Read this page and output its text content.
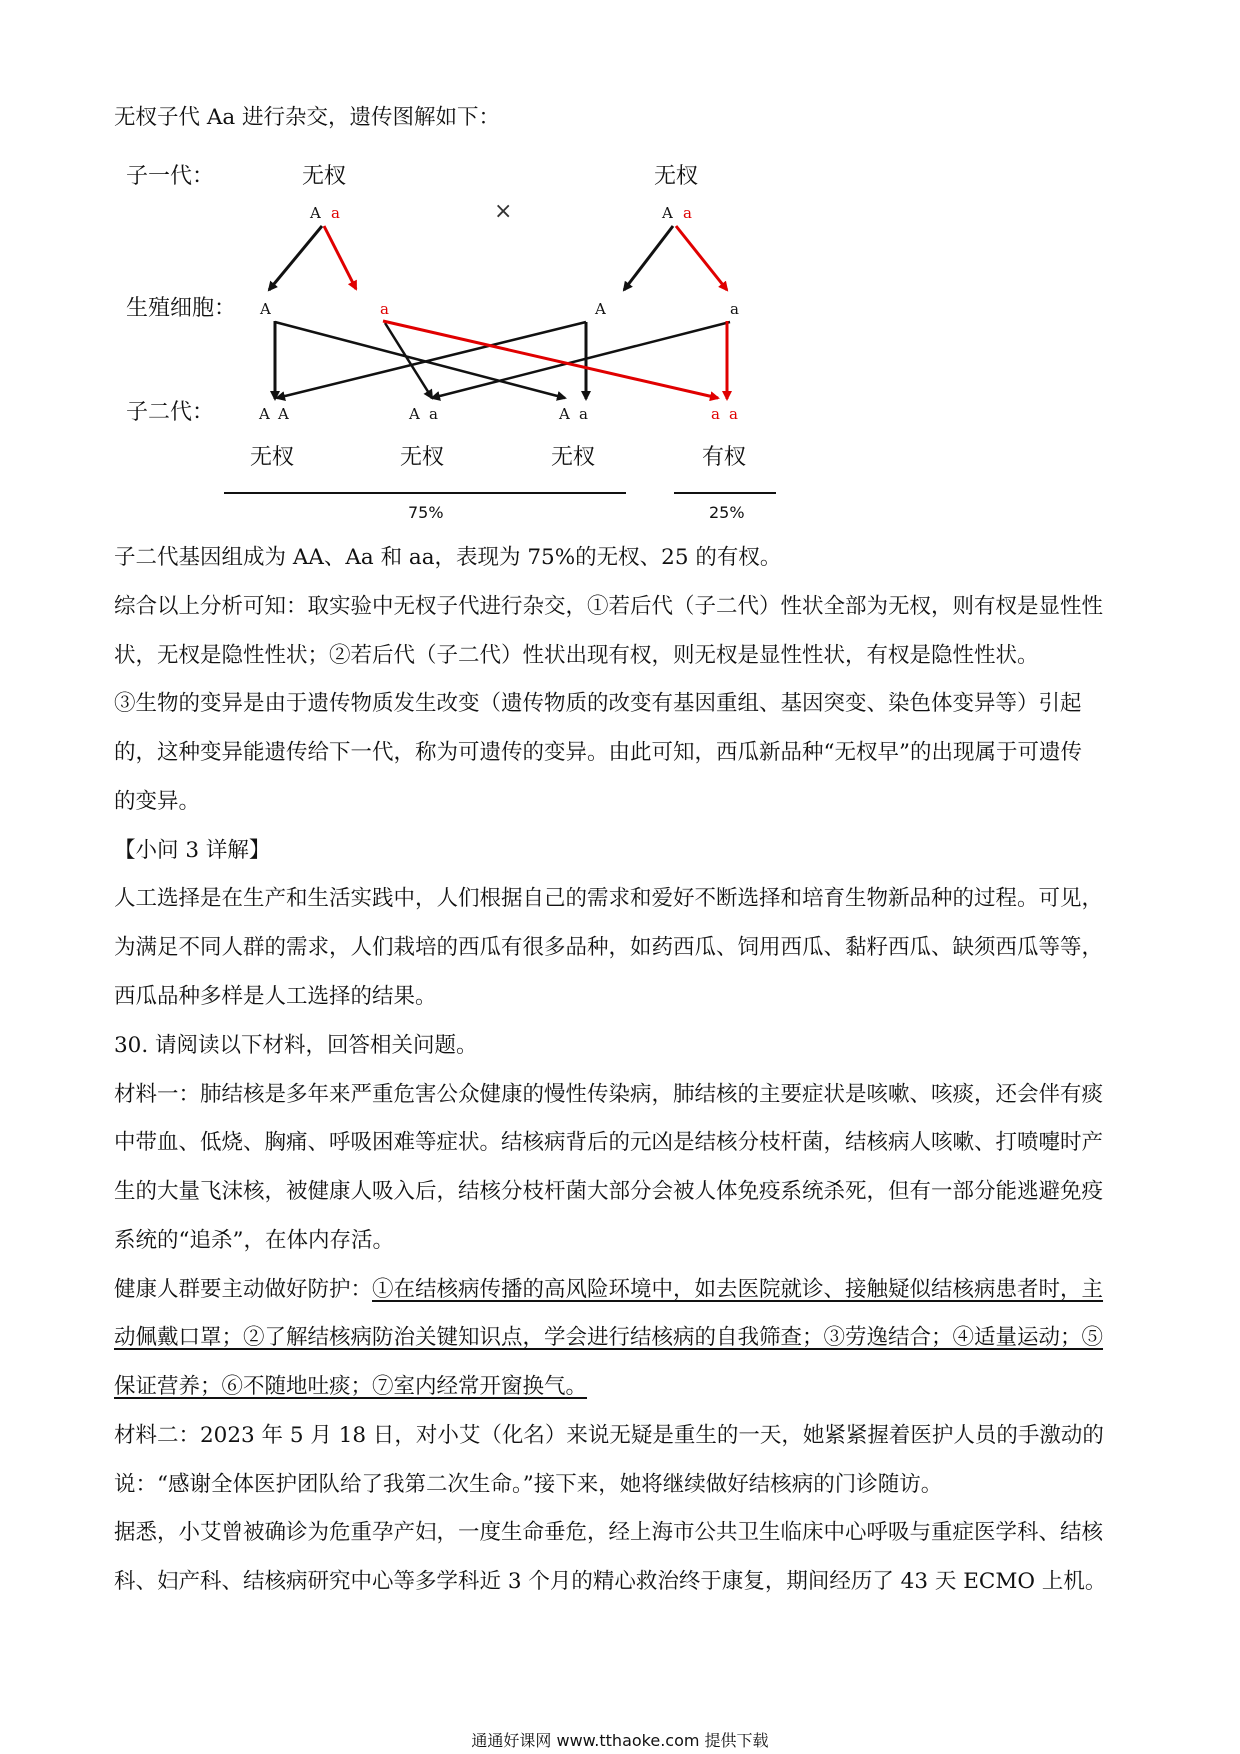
无杈子代 Aa 进行杂交，遗传图解如下：
子一代：
生殖细胞：
子二代：
无杈	无杈
A a	A a
×
A	a	A	a
A A	A a	A a	a a
无杈	无杈	无杈	有杈
75%	25%
子二代基因组成为 AA、Aa 和 aa，表现为 75%的无杈、25 的有杈。
综合以上分析可知：取实验中无杈子代进行杂交，①若后代（子二代）性状全部为无杈，则有杈是显性性
状，无杈是隐性性状；②若后代（子二代）性状出现有杈，则无杈是显性性状，有杈是隐性性状。
③生物的变异是由于遗传物质发生改变（遗传物质的改变有基因重组、基因突变、染色体变异等）引起
的，这种变异能遗传给下一代，称为可遗传的变异。由此可知，西瓜新品种“无杈早”的出现属于可遗传
的变异。
【小问 3 详解】
人工选择是在生产和生活实践中，人们根据自己的需求和爱好不断选择和培育生物新品种的过程。可见，
为满足不同人群的需求，人们栽培的西瓜有很多品种，如药西瓜、饲用西瓜、黏籽西瓜、缺须西瓜等等，
西瓜品种多样是人工选择的结果。
30. 请阅读以下材料，回答相关问题。
材料一：肺结核是多年来严重危害公众健康的慢性传染病，肺结核的主要症状是咳嗽、咳痰，还会伴有痰
中带血、低烧、胸痛、呼吸困难等症状。结核病背后的元凶是结核分枝杆菌，结核病人咳嗽、打喷嚏时产
生的大量飞沫核，被健康人吸入后，结核分枝杆菌大部分会被人体免疫系统杀死，但有一部分能逃避免疫
系统的“追杀”，在体内存活。
健康人群要主动做好防护：①在结核病传播的高风险环境中，如去医院就诊、接触疑似结核病患者时，主
动佩戴口罩；②了解结核病防治关键知识点，学会进行结核病的自我筛查；③劳逸结合；④适量运动；⑤
保证营养；⑥不随地吐痰；⑦室内经常开窗换气。
材料二：2023 年 5 月 18 日，对小艾（化名）来说无疑是重生的一天，她紧紧握着医护人员的手激动的
说：“感谢全体医护团队给了我第二次生命。”接下来，她将继续做好结核病的门诊随访。
据悉，小艾曾被确诊为危重孕产妇，一度生命垂危，经上海市公共卫生临床中心呼吸与重症医学科、结核
科、妇产科、结核病研究中心等多学科近 3 个月的精心救治终于康复，期间经历了 43 天 ECMO 上机。
通通好课网 www.tthaoke.com 提供下载
